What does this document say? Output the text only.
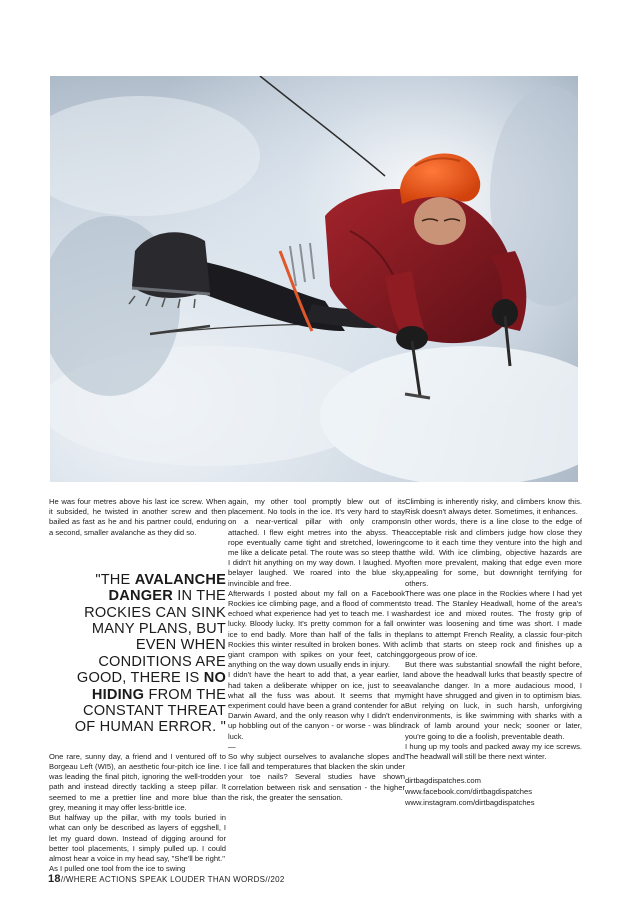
He was four metres above his last ice screw. When it subsided, he twisted in another screw and then bailed as fast as he and his partner could, enduring a second, smaller avalanche as they did so.

"THE AVALANCHE DANGER IN THE ROCKIES CAN SINK MANY PLANS, BUT EVEN WHEN CONDITIONS ARE GOOD, THERE IS NO HIDING FROM THE CONSTANT THREAT OF HUMAN ERROR. "

One rare, sunny day, a friend and I ventured off to Borgeau Left (WI5), an aesthetic four-pitch ice line. I was leading the final pitch, ignoring the well-trodden path and instead directly tackling a steep pillar. It seemed to me a prettier line and more blue than grey, meaning it may offer less-brittle ice.

But halfway up the pillar, with my tools buried in what can only be described as layers of eggshell, I let my guard down. Instead of digging around for better tool placements, I simply pulled up. I could almost hear a voice in my head say, "She'll be right."

As I pulled one tool from the ice to swing

again, my other tool promptly blew out of its placement. No tools in the ice. It's very hard to stay on a near-vertical pillar with only crampons attached. I flew eight metres into the abyss. The rope eventually came tight and stretched, lowering me like a delicate petal. The route was so steep that I didn't hit anything on my way down. I laughed. My belayer laughed. We roared into the blue sky, invincible and free.

Afterwards I posted about my fall on a Facebook Rockies ice climbing page, and a flood of comments echoed what experience had yet to teach me. I was lucky. Bloody lucky. It's pretty common for a fall on ice to end badly. More than half of the falls in the Rockies this winter resulted in broken bones. With a giant crampon with spikes on your feet, catching anything on the way down usually ends in injury.

I didn't have the heart to add that, a year earlier, I had taken a deliberate whipper on ice, just to see what all the fuss was about. It seems that my experiment could have been a grand contender for a Darwin Award, and the only reason why I didn't end up hobbling out of the canyon - or worse - was blind luck.

—

So why subject ourselves to avalanche slopes and ice fall and temperatures that blacken the skin under your toe nails? Several studies have shown correlation between risk and sensation - the higher the risk, the greater the sensation.

Climbing is inherently risky, and climbers know this. Risk doesn't always deter. Sometimes, it enhances.

In other words, there is a line close to the edge of acceptable risk and climbers judge how close they come to it each time they venture into the high and the wild. With ice climbing, objective hazards are often more prevalent, making that edge even more appealing for some, but downright terrifying for others.

There was one place in the Rockies where I had yet to tread. The Stanley Headwall, home of the area's hardest ice and mixed routes. The frosty grip of winter was loosening and time was short. I made plans to attempt French Reality, a classic four-pitch climb that starts on steep rock and finishes up a gorgeous prow of ice.

But there was substantial snowfall the night before, and above the headwall lurks that beastly spectre of avalanche danger. In a more audacious mood, I might have shrugged and given in to optimism bias. But relying on luck, in such harsh, unforgiving environments, is like swimming with sharks with a rack of lamb around your neck; sooner or later, you're going to die a foolish, preventable death.

I hung up my tools and packed away my ice screws. The headwall will still be there next winter.

dirtbagdispatches.com

www.facebook.com/dirtbagdispatches

www.instagram.com/dirtbagdispatches

18//WHERE ACTIONS SPEAK LOUDER THAN WORDS//202
